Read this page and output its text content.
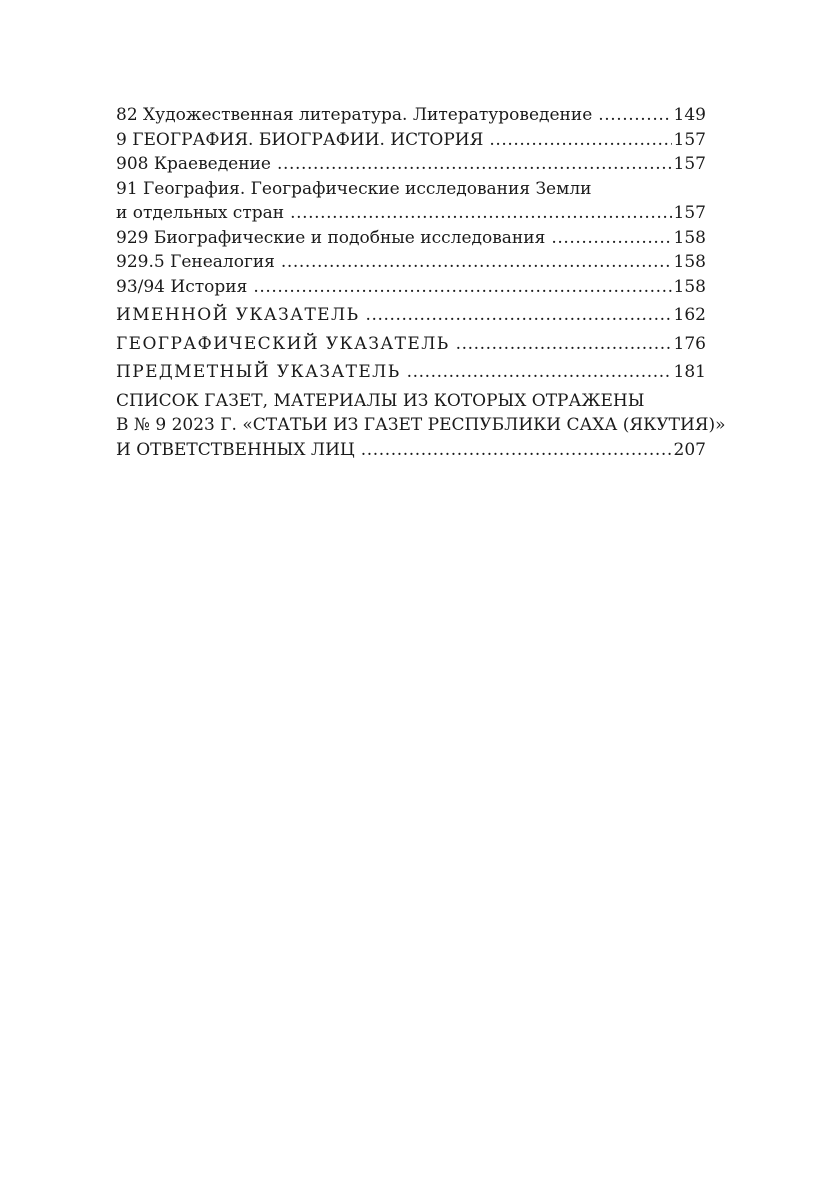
82 Художественная литература. Литературоведение .....	149
9 ГЕОГРАФИЯ. БИОГРАФИИ. ИСТОРИЯ .....	157
908 Краеведение .....	157
91 География. Географические исследования Земли
и отдельных стран .....	157
929 Биографические и подобные исследования .....	158
929.5 Генеалогия .....	158
93/94 История .....	158
ИМЕННОЙ УКАЗАТЕЛЬ .....	162
ГЕОГРАФИЧЕСКИЙ УКАЗАТЕЛЬ .....	176
ПРЕДМЕТНЫЙ УКАЗАТЕЛЬ .....	181
СПИСОК ГАЗЕТ, МАТЕРИАЛЫ ИЗ КОТОРЫХ ОТРАЖЕНЫ
В № 9 2023 Г. «СТАТЬИ ИЗ ГАЗЕТ РЕСПУБЛИКИ САХА (ЯКУТИЯ)»
И ОТВЕТСТВЕННЫХ ЛИЦ .....	207
